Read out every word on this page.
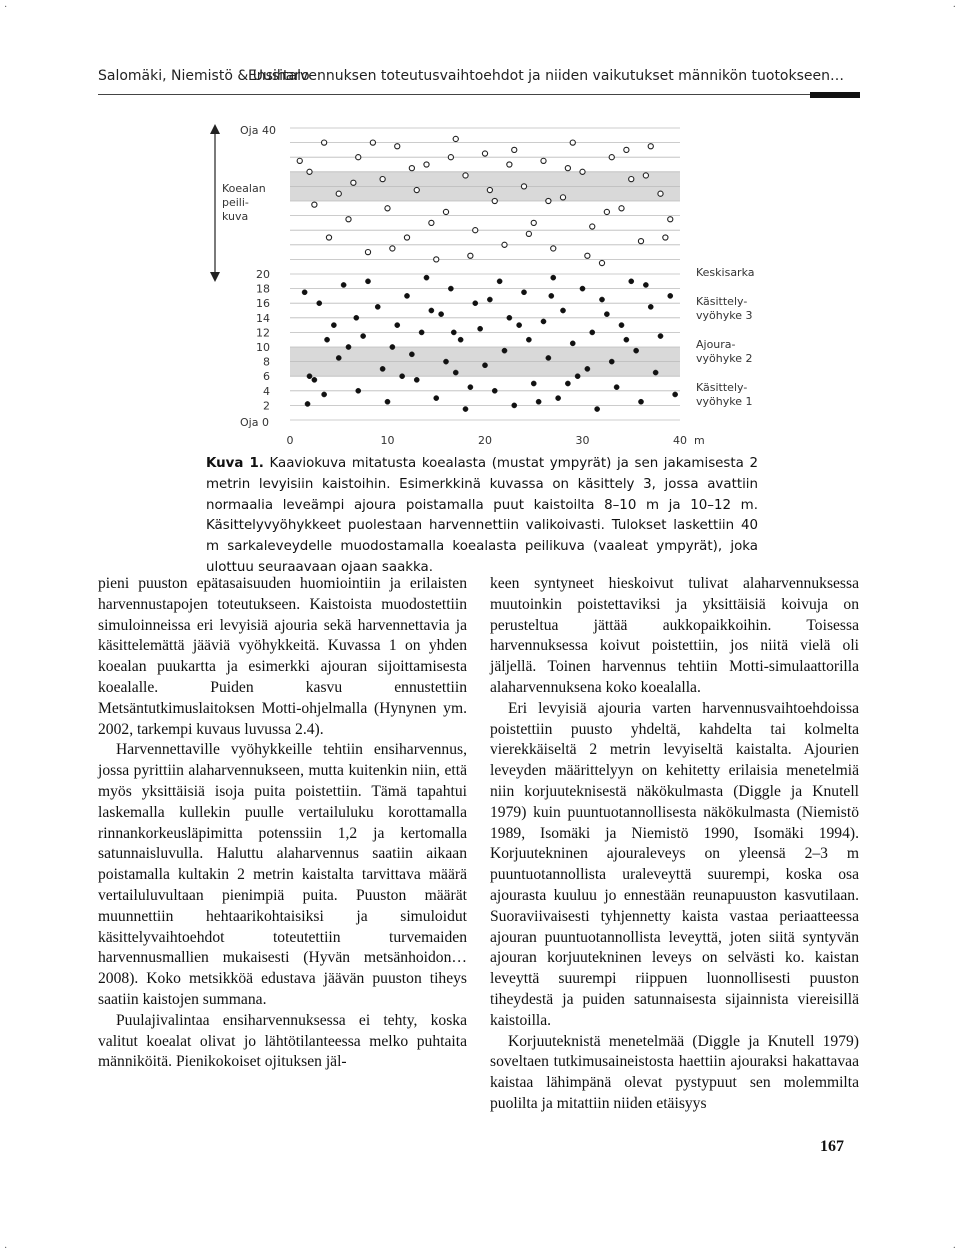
Salomäki, Niemistö & Uusitalo
Ensiharvennuksen toteutusvaihtoehdot ja niiden vaikutukset männikön tuotokseen…
Oja 40
Koealan
peili-
kuva
Oja 0
Keskisarka
Käsittely-
vyöhyke 3
Ajoura-
vyöhyke 2
Käsittely-
vyöhyke 1
m
20
18
16
14
12
10
8
6
4
2
0	10	20	30	40
Kuva 1. Kaaviokuva mitatusta koealasta (mustat ympyrät) ja sen jakamisesta 2 metrin levyisiin kaistoihin. Esimerkkinä kuvassa on käsittely 3, jossa avattiin normaalia leveämpi ajoura poistamalla puut kaistoilta 8–10 m ja 10–12 m. Käsittelyvyöhykkeet puolestaan harvennettiin valikoivasti. Tulokset laskettiin 40 m sarkaleveydelle muodostamalla koealasta peilikuva (vaaleat ympyrät), joka ulottuu seuraavaan ojaan saakka.

pieni puuston epätasaisuuden huomiointiin ja erilaisten harvennustapojen toteutukseen. Kaistoista muodostettiin simuloinneissa eri levyisiä ajouria sekä harvennettavia ja käsittelemättä jääviä vyöhykkeitä. Kuvassa 1 on yhden koealan puukartta ja esimerkki ajouran sijoittamisesta koealalle. Puiden kasvu ennustettiin Metsäntutkimuslaitoksen Motti-ohjelmalla (Hynynen ym. 2002, tarkempi kuvaus luvussa 2.4).

Harvennettaville vyöhykkeille tehtiin ensiharvennus, jossa pyrittiin alaharvennukseen, mutta kuitenkin niin, että myös yksittäisiä isoja puita poistettiin. Tämä tapahtui laskemalla kullekin puulle vertailuluku korottamalla rinnankorkeusläpimitta potenssiin 1,2 ja kertomalla satunnaisluvulla. Haluttu alaharvennus saatiin aikaan poistamalla kultakin 2 metrin kaistalta tarvittava määrä vertailuluvultaan pienimpiä puita. Puuston määrät muunnettiin hehtaarikohtaisiksi ja simuloidut käsittelyvaihtoehdot toteutettiin turvemaiden harvennusmallien mukaisesti (Hyvän metsänhoidon… 2008). Koko metsikköä edustava jäävän puuston tiheys saatiin kaistojen summana.

Puulajivalintaa ensiharvennuksessa ei tehty, koska valitut koealat olivat jo lähtötilanteessa melko puhtaita männiköitä. Pienikokoiset ojituksen jäl-

keen syntyneet hieskoivut tulivat alaharvennuksessa muutoinkin poistettaviksi ja yksittäisiä koivuja on perusteltua jättää aukkopaikkoihin. Toisessa harvennuksessa koivut poistettiin, jos niitä vielä oli jäljellä. Toinen harvennus tehtiin Motti-simulaattorilla alaharvennuksena koko koealalla.

Eri levyisiä ajouria varten harvennusvaihtoehdoissa poistettiin puusto yhdeltä, kahdelta tai kolmelta vierekkäiseltä 2 metrin levyiseltä kaistalta. Ajourien leveyden määrittelyyn on kehitetty erilaisia menetelmiä niin korjuuteknisestä näkökulmasta (Diggle ja Knutell 1979) kuin puuntuotannollisesta näkökulmasta (Niemistö 1989, Isomäki ja Niemistö 1990, Isomäki 1994). Korjuutekninen ajouraleveys on yleensä 2–3 m puuntuotannollista uraleveyttä suurempi, koska osa ajourasta kuuluu jo ennestään reunapuuston kasvutilaan. Suoraviivaisesti tyhjennetty kaista vastaa periaatteessa ajouran puuntuotannollista leveyttä, joten siitä syntyvän ajouran korjuutekninen leveys on selvästi ko. kaistan leveyttä suurempi riippuen luonnollisesti puuston tiheydestä ja puiden satunnaisesta sijainnista viereisillä kaistoilla.

Korjuuteknistä menetelmää (Diggle ja Knutell 1979) soveltaen tutkimusaineistosta haettiin ajouraksi hakattavaa kaistaa lähimpänä olevat pystypuut sen molemmilta puolilta ja mitattiin niiden etäisyys

167
·	·
·	·
